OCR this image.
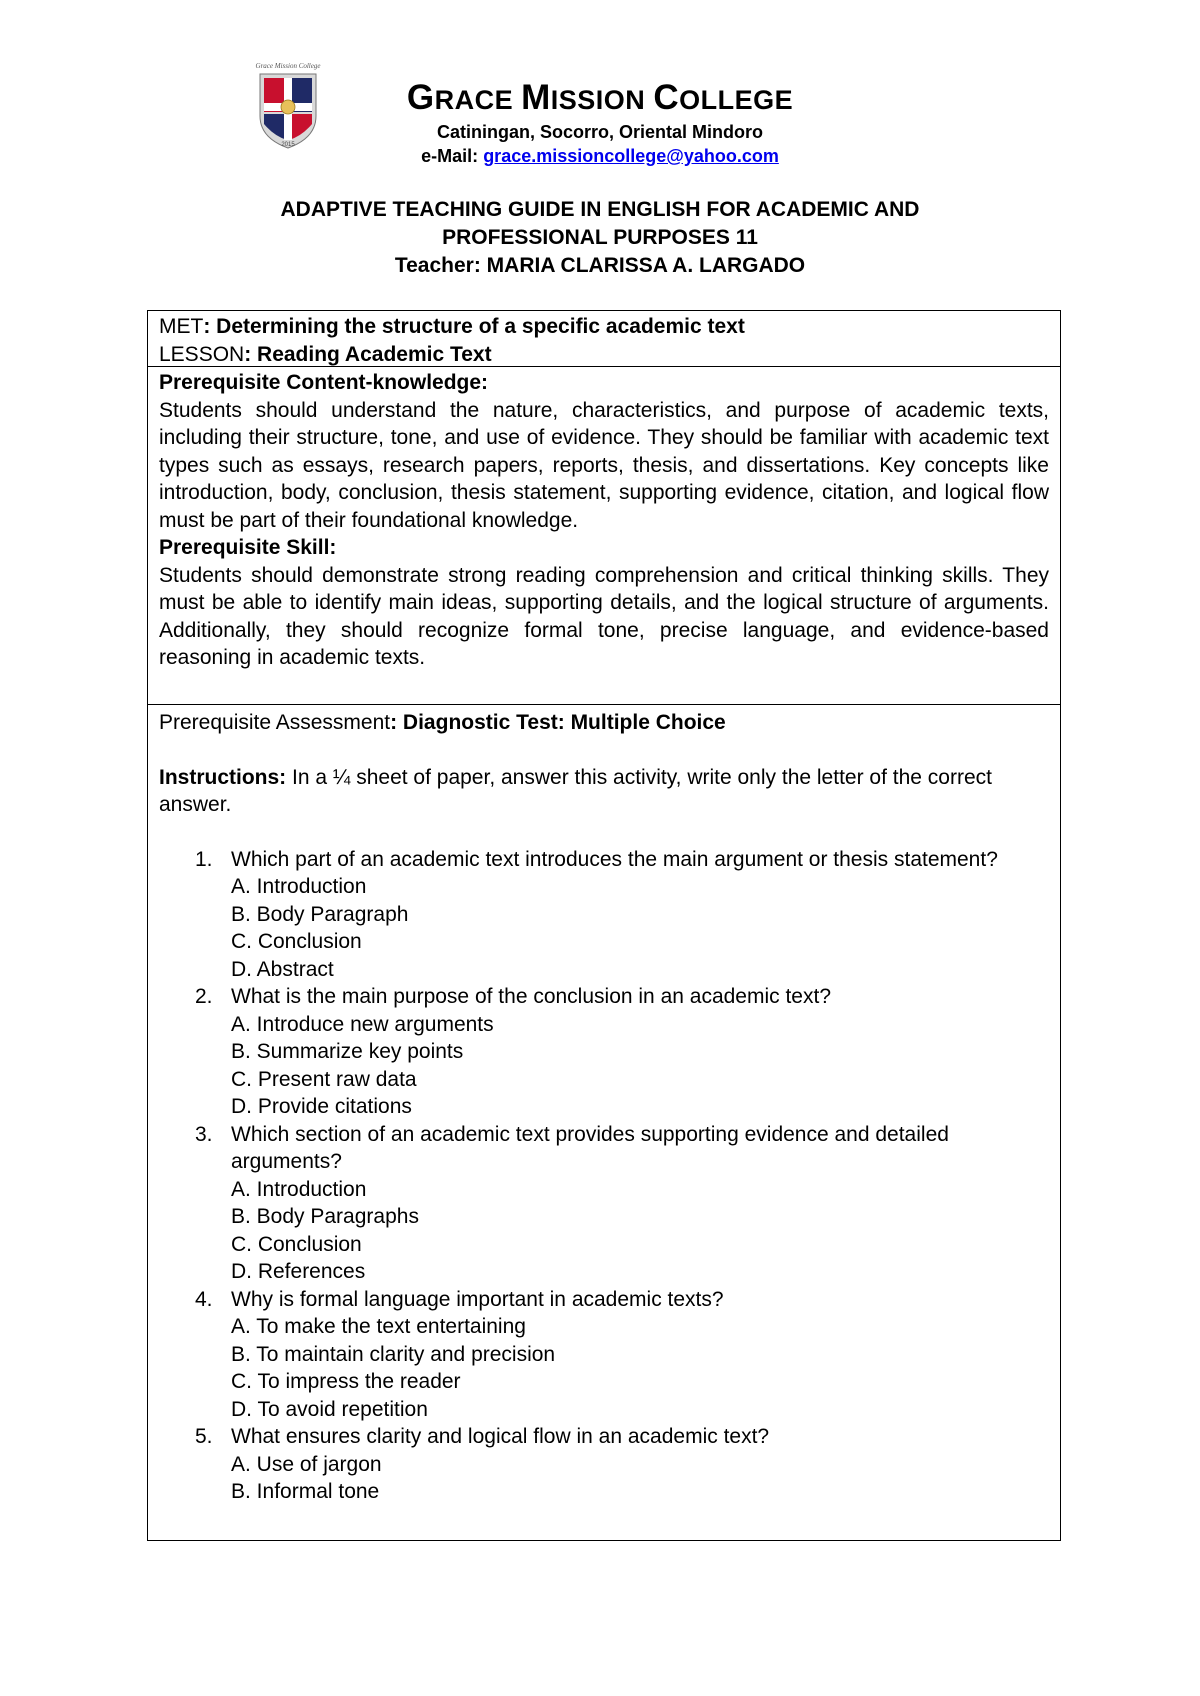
Grace Mission College
2015
GRACE MISSION COLLEGE
Catiningan, Socorro, Oriental Mindoro
e-Mail: grace.missioncollege@yahoo.com
ADAPTIVE TEACHING GUIDE IN ENGLISH FOR ACADEMIC AND
PROFESSIONAL PURPOSES 11
Teacher: MARIA CLARISSA A. LARGADO
MET: Determining the structure of a specific academic text
LESSON: Reading Academic Text
Prerequisite Content-knowledge:
Students should understand the nature, characteristics, and purpose of academic texts, including their structure, tone, and use of evidence. They should be familiar with academic text types such as essays, research papers, reports, thesis, and dissertations. Key concepts like introduction, body, conclusion, thesis statement, supporting evidence, citation, and logical flow must be part of their foundational knowledge.
Prerequisite Skill:
Students should demonstrate strong reading comprehension and critical thinking skills. They must be able to identify main ideas, supporting details, and the logical structure of arguments. Additionally, they should recognize formal tone, precise language, and evidence-based reasoning in academic texts.
Prerequisite Assessment: Diagnostic Test: Multiple Choice
Instructions: In a ¼ sheet of paper, answer this activity, write only the letter of the correct answer.
1. Which part of an academic text introduces the main argument or thesis statement?
A. Introduction
B. Body Paragraph
C. Conclusion
D. Abstract
2. What is the main purpose of the conclusion in an academic text?
A. Introduce new arguments
B. Summarize key points
C. Present raw data
D. Provide citations
3. Which section of an academic text provides supporting evidence and detailed arguments?
A. Introduction
B. Body Paragraphs
C. Conclusion
D. References
4. Why is formal language important in academic texts?
A. To make the text entertaining
B. To maintain clarity and precision
C. To impress the reader
D. To avoid repetition
5. What ensures clarity and logical flow in an academic text?
A. Use of jargon
B. Informal tone
